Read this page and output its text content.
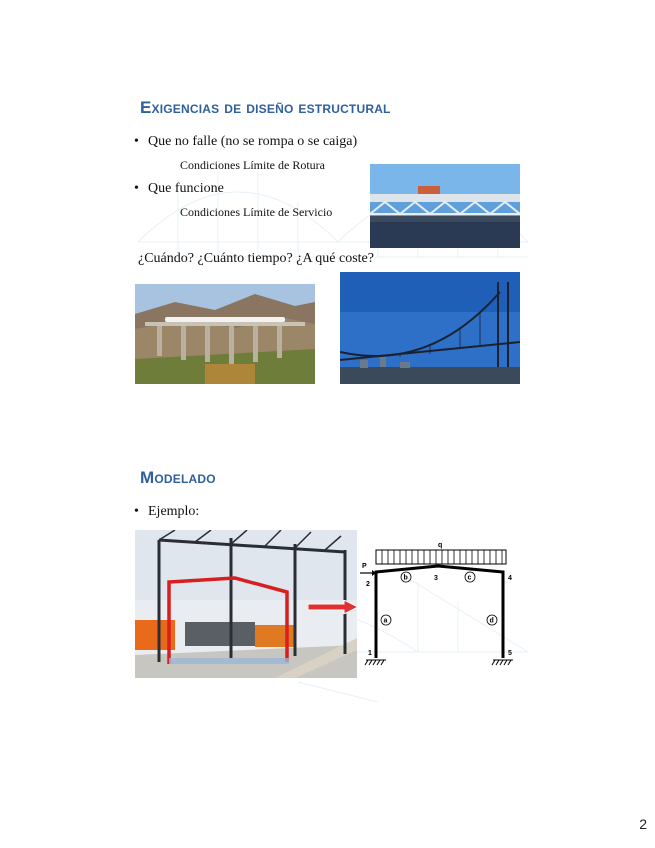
Exigencias de diseño estructural
• Que no falle (no se rompa o se caiga)
Condiciones Límite de Rotura
• Que funcione
Condiciones Límite de Servicio
¿Cuándo? ¿Cuánto tiempo? ¿A qué coste?
Modelado
• Ejemplo:
q
P
1
2
3	4
5
a
b	c
d
2
